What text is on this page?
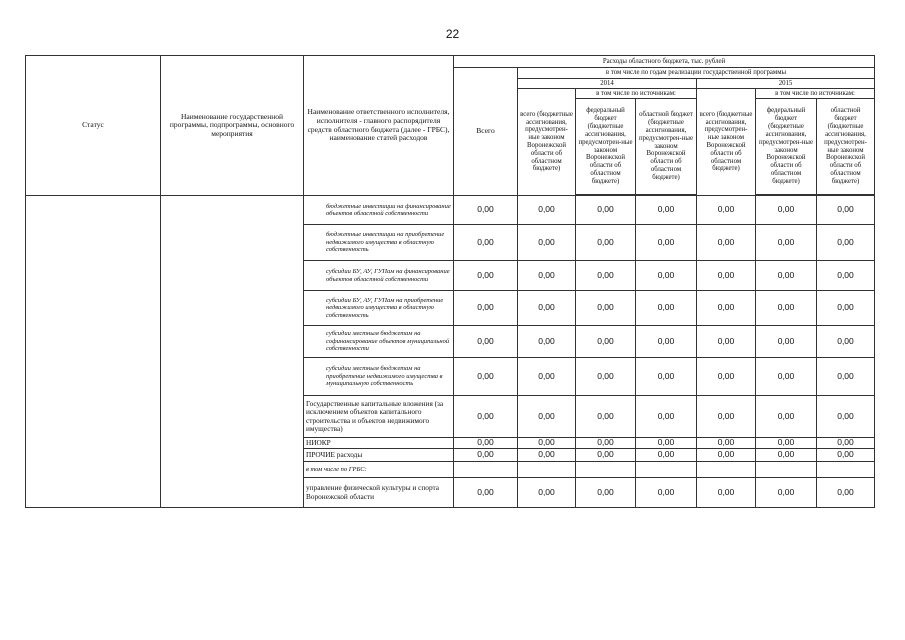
22
Статус	Наименование государственной программы, подпрограммы, основного мероприятия	Наименование ответственного исполнителя, исполнителя - главного распорядителя средств областного бюджета (далее - ГРБС), наименование статей расходов	Расходы областного бюджета, тыс. рублей						
			Всего	в том числе по годам реализации государственной программы					
				2014			2015		
				всего (бюджетные ассигнования, предусмотрен-ные законом Воронежской области об областном бюджете)	в том числе по источникам:		всего (бюджетные ассигнования, предусмотрен-ные законом Воронежской области об областном бюджете)	в том числе по источникам:	
					федеральный бюджет (бюджетные ассигнования, предусмотрен-ные законом Воронежской области об областном бюджете)	областной бюджет (бюджетные ассигнования, предусмотрен-ные законом Воронежской области об областном бюджете)		федеральный бюджет (бюджетные ассигнования, предусмотрен-ные законом Воронежской области об областном бюджете)	областной бюджет (бюджетные ассигнования, предусмотрен-ные законом Воронежской области об областном бюджете)

		бюджетные инвестиции на финансирование объектов областной собственности	0,00	0,00	0,00	0,00	0,00	0,00	0,00
		бюджетные инвестиции на приобретение недвижимого имущества в областную собственность	0,00	0,00	0,00	0,00	0,00	0,00	0,00
		субсидии БУ, АУ, ГУПам на финансирование объектов областной собственности	0,00	0,00	0,00	0,00	0,00	0,00	0,00
		субсидии БУ, АУ, ГУПам на приобретение недвижимого имущества в областную собственность	0,00	0,00	0,00	0,00	0,00	0,00	0,00
		субсидии местным бюджетам на софинансирование объектов муниципальной собственности	0,00	0,00	0,00	0,00	0,00	0,00	0,00
		субсидии местным бюджетам на приобретение недвижимого имущества в муниципальную собственность	0,00	0,00	0,00	0,00	0,00	0,00	0,00
		Государственные капитальные вложения (за исключением объектов капитального строительства и объектов недвижимого имущества)	0,00	0,00	0,00	0,00	0,00	0,00	0,00
		НИОКР	0,00	0,00	0,00	0,00	0,00	0,00	0,00
		ПРОЧИЕ расходы	0,00	0,00	0,00	0,00	0,00	0,00	0,00
		в том числе по ГРБС:							
		управление физической культуры и спорта Воронежской области	0,00	0,00	0,00	0,00	0,00	0,00	0,00
